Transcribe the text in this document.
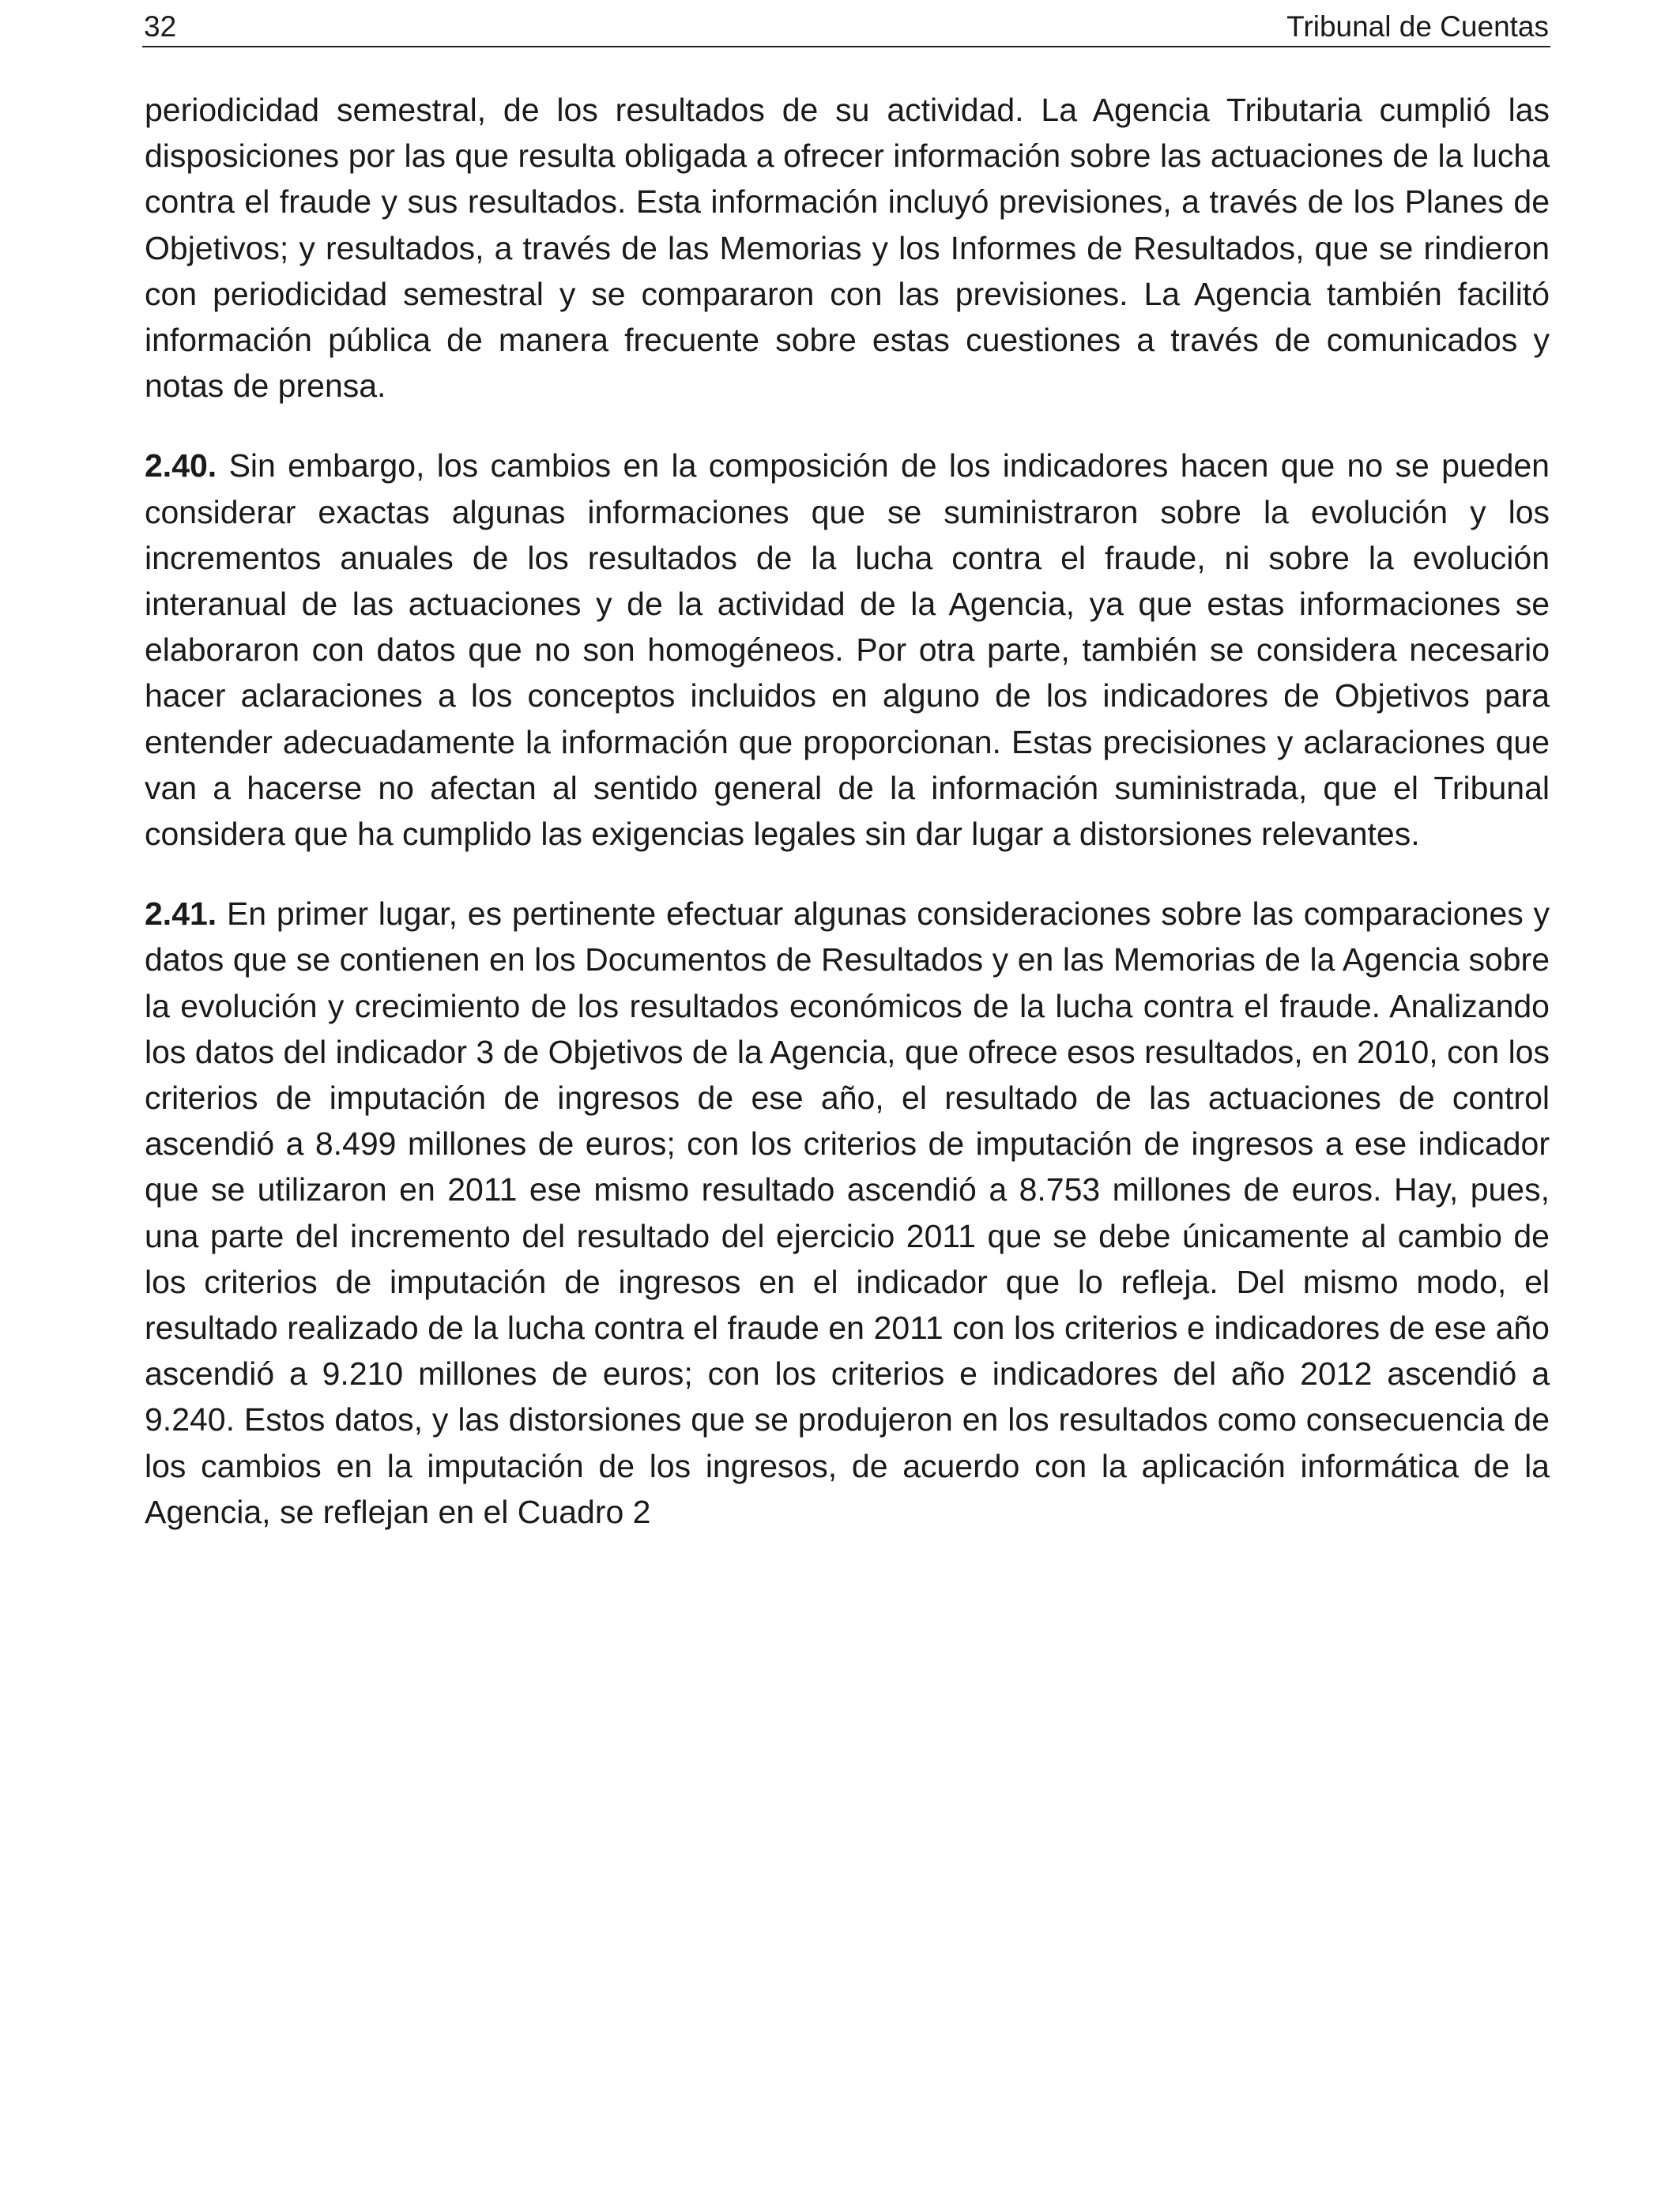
32	Tribunal de Cuentas

periodicidad semestral, de los resultados de su actividad. La Agencia Tributaria cumplió las disposiciones por las que resulta obligada a ofrecer información sobre las actuaciones de la lucha contra el fraude y sus resultados. Esta información incluyó previsiones, a través de los Planes de Objetivos; y resultados, a través de las Memorias y los Informes de Resultados, que se rindieron con periodicidad semestral y se compararon con las previsiones. La Agencia también facilitó información pública de manera frecuente sobre estas cuestiones a través de comunicados y notas de prensa.

2.40. Sin embargo, los cambios en la composición de los indicadores hacen que no se pueden considerar exactas algunas informaciones que se suministraron sobre la evolución y los incrementos anuales de los resultados de la lucha contra el fraude, ni sobre la evolución interanual de las actuaciones y de la actividad de la Agencia, ya que estas informaciones se elaboraron con datos que no son homogéneos. Por otra parte, también se considera necesario hacer aclaraciones a los conceptos incluidos en alguno de los indicadores de Objetivos para entender adecuadamente la información que proporcionan. Estas precisiones y aclaraciones que van a hacerse no afectan al sentido general de la información suministrada, que el Tribunal considera que ha cumplido las exigencias legales sin dar lugar a distorsiones relevantes.

2.41. En primer lugar, es pertinente efectuar algunas consideraciones sobre las comparaciones y datos que se contienen en los Documentos de Resultados y en las Memorias de la Agencia sobre la evolución y crecimiento de los resultados económicos de la lucha contra el fraude. Analizando los datos del indicador 3 de Objetivos de la Agencia, que ofrece esos resultados, en 2010, con los criterios de imputación de ingresos de ese año, el resultado de las actuaciones de control ascendió a 8.499 millones de euros; con los criterios de imputación de ingresos a ese indicador que se utilizaron en 2011 ese mismo resultado ascendió a 8.753 millones de euros. Hay, pues, una parte del incremento del resultado del ejercicio 2011 que se debe únicamente al cambio de los criterios de imputación de ingresos en el indicador que lo refleja. Del mismo modo, el resultado realizado de la lucha contra el fraude en 2011 con los criterios e indicadores de ese año ascendió a 9.210 millones de euros; con los criterios e indicadores del año 2012 ascendió a 9.240. Estos datos, y las distorsiones que se produjeron en los resultados como consecuencia de los cambios en la imputación de los ingresos, de acuerdo con la aplicación informática de la Agencia, se reflejan en el Cuadro 2
